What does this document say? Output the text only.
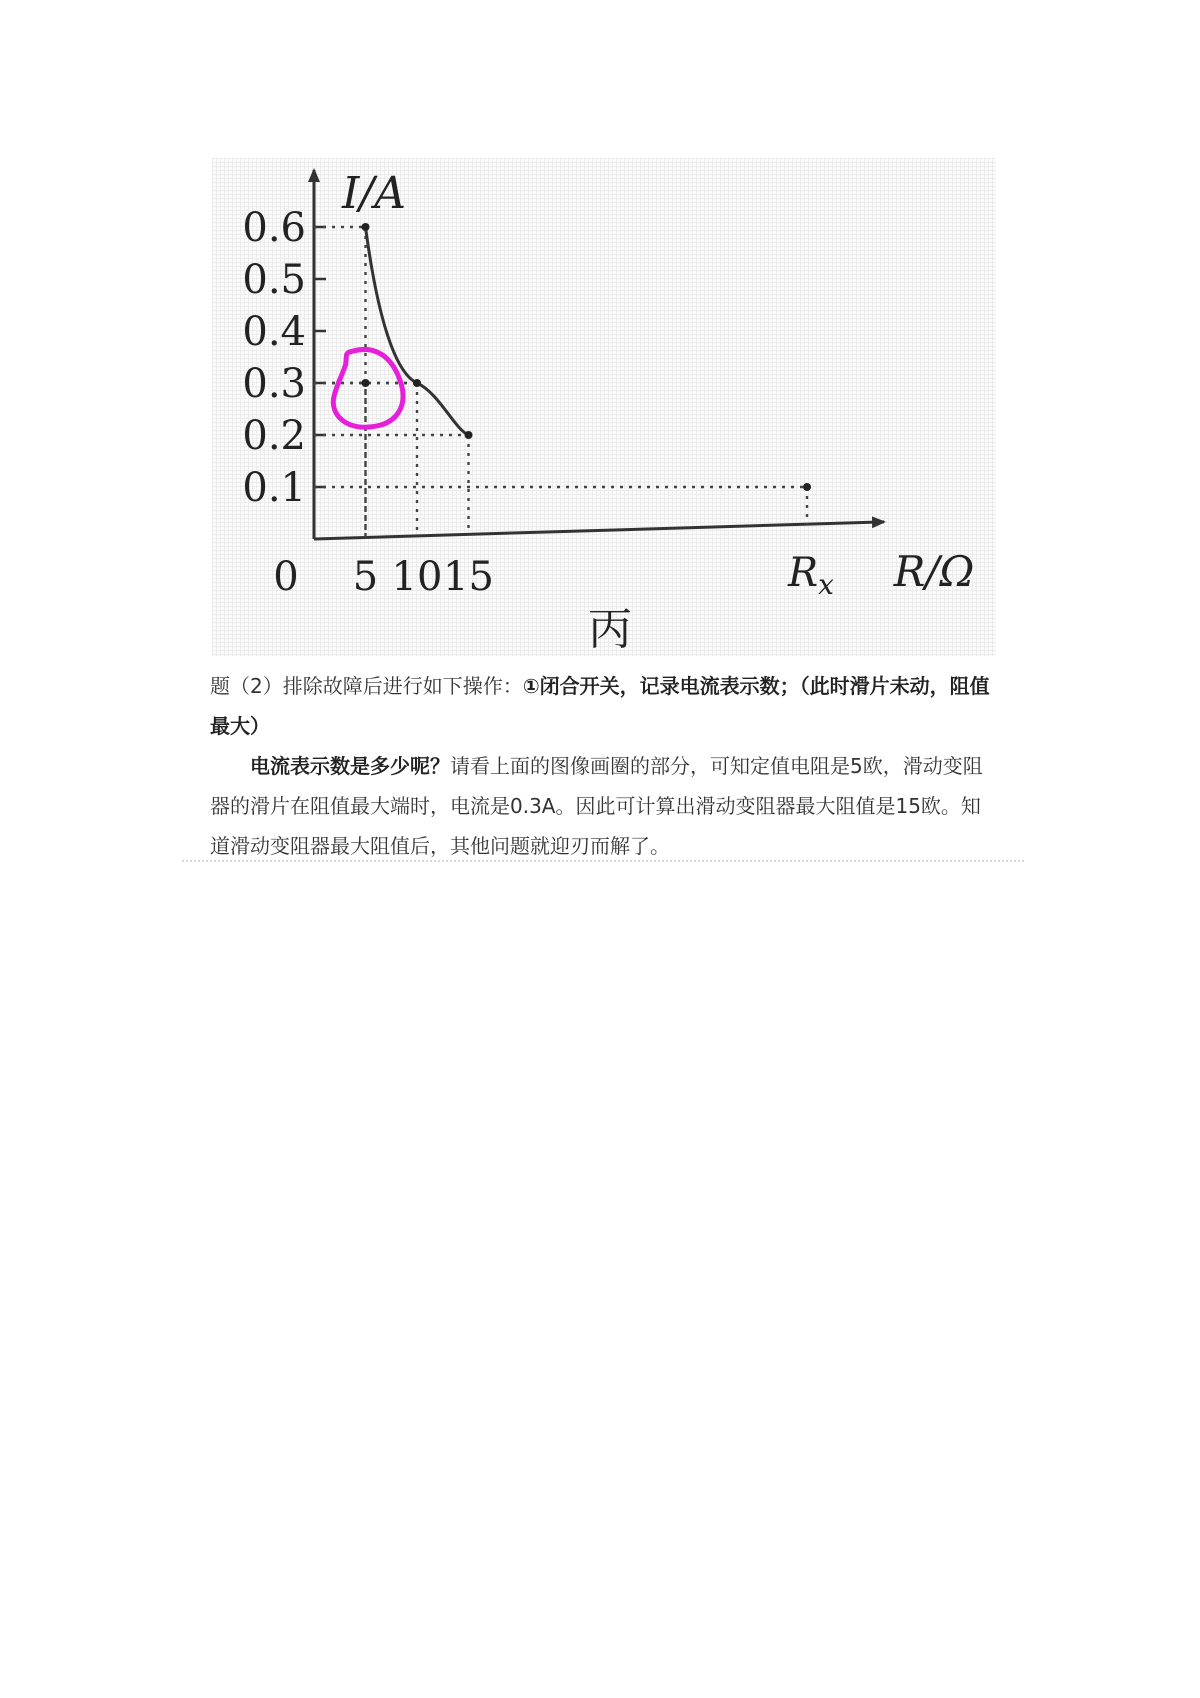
0.1
0.2
0.3
0.4
0.5
0.6
I/A
0 5 10 15	$R_x$ R/Ω
丙

题（2）排除故障后进行如下操作：①闭合开关，记录电流表示数；（此时滑片未动，阻值最大）

电流表示数是多少呢？请看上面的图像画圈的部分，可知定值电阻是5欧，滑动变阻器的滑片在阻值最大端时，电流是0.3A。因此可计算出滑动变阻器最大阻值是15欧。知道滑动变阻器最大阻值后，其他问题就迎刃而解了。
